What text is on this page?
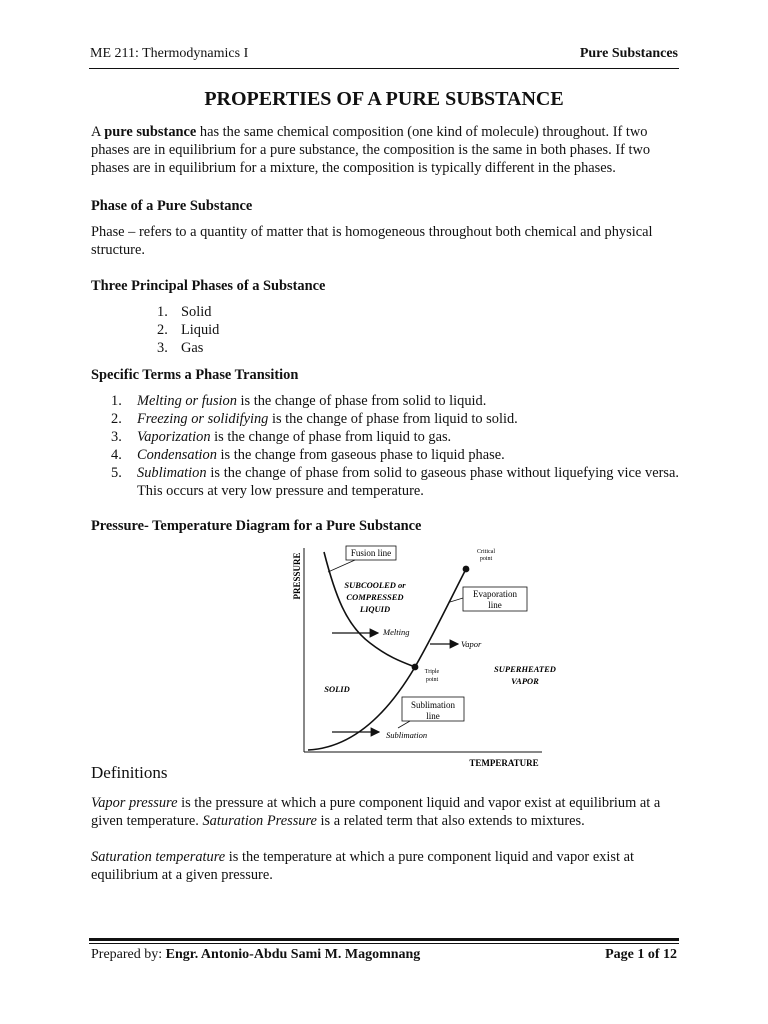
ME 211: Thermodynamics I	Pure Substances
PROPERTIES OF A PURE SUBSTANCE

A pure substance has the same chemical composition (one kind of molecule) throughout. If two phases are in equilibrium for a pure substance, the composition is the same in both phases. If two phases are in equilibrium for a mixture, the composition is typically different in the phases.

Phase of a Pure Substance

Phase – refers to a quantity of matter that is homogeneous throughout both chemical and physical structure.

Three Principal Phases of a Substance
1. Solid
2. Liquid
3. Gas
Specific Terms a Phase Transition
1. Melting or fusion is the change of phase from solid to liquid.
2. Freezing or solidifying is the change of phase from liquid to solid.
3. Vaporization is the change of phase from liquid to gas.
4. Condensation is the change from gaseous phase to liquid phase.
5. Sublimation is the change of phase from solid to gaseous phase without liquefying vice versa. This occurs at very low pressure and temperature.
Pressure- Temperature Diagram for a Pure Substance
PRESSURE
TEMPERATURE
Fusion line	Critical
point
SUBCOOLED or
COMPRESSED
LIQUID
Evaporation
line
Melting
Vapor
Triple
point
SUPERHEATED
VAPOR
SOLID
Sublimation
line
Sublimation
Definitions

Vapor pressure is the pressure at which a pure component liquid and vapor exist at equilibrium at a given temperature. Saturation Pressure is a related term that also extends to mixtures.

Saturation temperature is the temperature at which a pure component liquid and vapor exist at equilibrium at a given pressure.

Prepared by: Engr. Antonio-Abdu Sami M. Magomnang	Page 1 of 12
